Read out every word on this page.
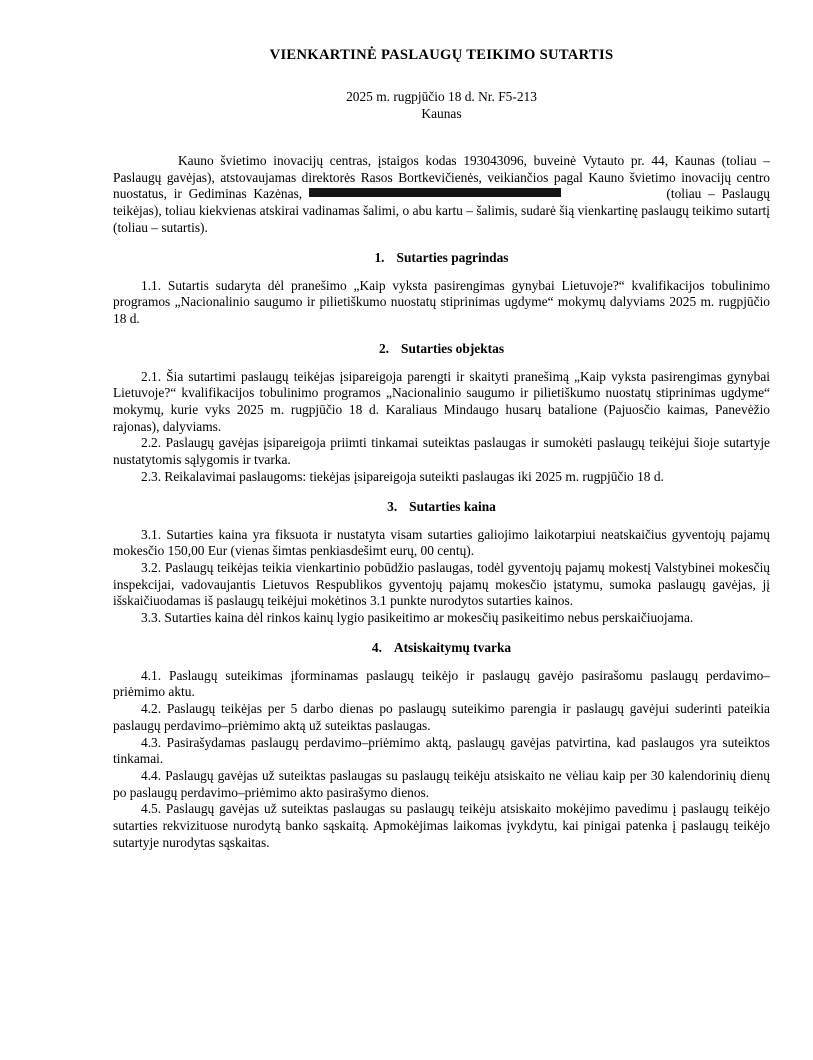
VIENKARTINĖ PASLAUGŲ TEIKIMO SUTARTIS

2025 m. rugpjūčio 18 d. Nr. F5-213

Kaunas

Kauno švietimo inovacijų centras, įstaigos kodas 193043096, buveinė Vytauto pr. 44, Kaunas (toliau – Paslaugų gavėjas), atstovaujamas direktorės Rasos Bortkevičienės, veikiančios pagal Kauno švietimo inovacijų centro nuostatus, ir Gediminas Kazėnas,	(toliau – Paslaugų teikėjas), toliau kiekvienas atskirai vadinamas šalimi, o abu kartu – šalimis, sudarė šią vienkartinę paslaugų teikimo sutartį (toliau – sutartis).

1. Sutarties pagrindas

1.1. Sutartis sudaryta dėl pranešimo „Kaip vyksta pasirengimas gynybai Lietuvoje?“ kvalifikacijos tobulinimo programos „Nacionalinio saugumo ir pilietiškumo nuostatų stiprinimas ugdyme“ mokymų dalyviams 2025 m. rugpjūčio 18 d.

2. Sutarties objektas

2.1. Šia sutartimi paslaugų teikėjas įsipareigoja parengti ir skaityti pranešimą „Kaip vyksta pasirengimas gynybai Lietuvoje?“ kvalifikacijos tobulinimo programos „Nacionalinio saugumo ir pilietiškumo nuostatų stiprinimas ugdyme“ mokymų, kurie vyks 2025 m. rugpjūčio 18 d. Karaliaus Mindaugo husarų batalione (Pajuosčio kaimas, Panevėžio rajonas), dalyviams.

2.2. Paslaugų gavėjas įsipareigoja priimti tinkamai suteiktas paslaugas ir sumokėti paslaugų teikėjui šioje sutartyje nustatytomis sąlygomis ir tvarka.

2.3. Reikalavimai paslaugoms: tiekėjas įsipareigoja suteikti paslaugas iki 2025 m. rugpjūčio 18 d.

3. Sutarties kaina

3.1. Sutarties kaina yra fiksuota ir nustatyta visam sutarties galiojimo laikotarpiui neatskaičius gyventojų pajamų mokesčio 150,00 Eur (vienas šimtas penkiasdešimt eurų, 00 centų).

3.2. Paslaugų teikėjas teikia vienkartinio pobūdžio paslaugas, todėl gyventojų pajamų mokestį Valstybinei mokesčių inspekcijai, vadovaujantis Lietuvos Respublikos gyventojų pajamų mokesčio įstatymu, sumoka paslaugų gavėjas, jį išskaičiuodamas iš paslaugų teikėjui mokėtinos 3.1 punkte nurodytos sutarties kainos.

3.3. Sutarties kaina dėl rinkos kainų lygio pasikeitimo ar mokesčių pasikeitimo nebus perskaičiuojama.

4. Atsiskaitymų tvarka

4.1. Paslaugų suteikimas įforminamas paslaugų teikėjo ir paslaugų gavėjo pasirašomu paslaugų perdavimo–priėmimo aktu.

4.2. Paslaugų teikėjas per 5 darbo dienas po paslaugų suteikimo parengia ir paslaugų gavėjui suderinti pateikia paslaugų perdavimo–priėmimo aktą už suteiktas paslaugas.

4.3. Pasirašydamas paslaugų perdavimo–priėmimo aktą, paslaugų gavėjas patvirtina, kad paslaugos yra suteiktos tinkamai.

4.4. Paslaugų gavėjas už suteiktas paslaugas su paslaugų teikėju atsiskaito ne vėliau kaip per 30 kalendorinių dienų po paslaugų perdavimo–priėmimo akto pasirašymo dienos.

4.5. Paslaugų gavėjas už suteiktas paslaugas su paslaugų teikėju atsiskaito mokėjimo pavedimu į paslaugų teikėjo sutarties rekvizituose nurodytą banko sąskaitą. Apmokėjimas laikomas įvykdytu, kai pinigai patenka į paslaugų teikėjo sutartyje nurodytas sąskaitas.
